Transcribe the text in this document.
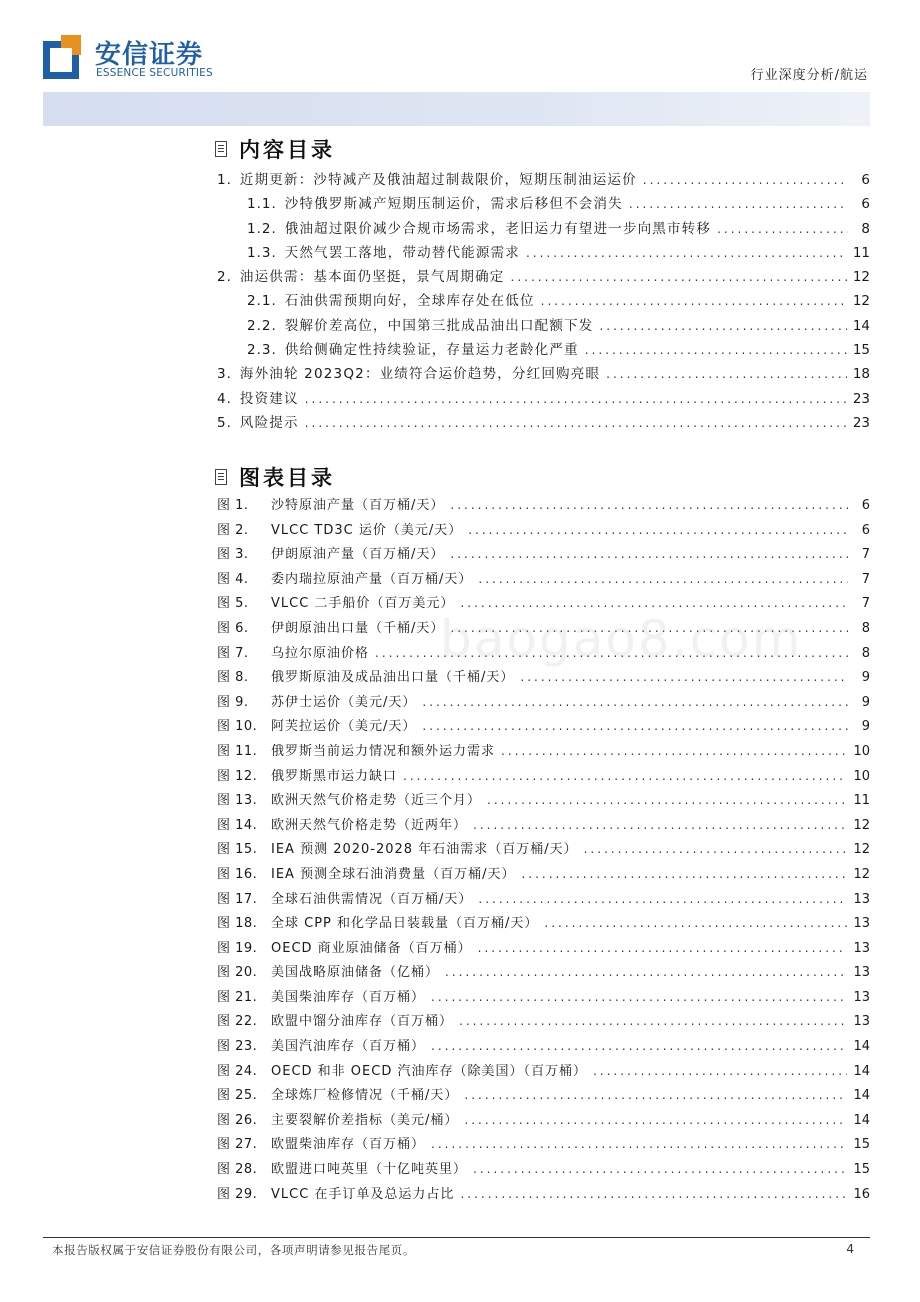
安信证券
ESSENCE SECURITIES	行业深度分析/航运
内容目录
1. 近期更新：沙特减产及俄油超过制裁限价，短期压制油运运价 .....	6
1.1. 沙特俄罗斯减产短期压制运价，需求后移但不会消失 .....	6
1.2. 俄油超过限价减少合规市场需求，老旧运力有望进一步向黑市转移 .....	8
1.3. 天然气罢工落地，带动替代能源需求 .....	11
2. 油运供需：基本面仍坚挺，景气周期确定 .....	12
2.1. 石油供需预期向好，全球库存处在低位 .....	12
2.2. 裂解价差高位，中国第三批成品油出口配额下发 .....	14
2.3. 供给侧确定性持续验证，存量运力老龄化严重 .....	15
3. 海外油轮 2023Q2：业绩符合运价趋势，分红回购亮眼 .....	18
4. 投资建议 .....	23
5. 风险提示 .....	23
图表目录
图 1.	沙特原油产量（百万桶/天） .....	6
图 2.	VLCC TD3C 运价（美元/天） .....	6
图 3.	伊朗原油产量（百万桶/天） .....	7
图 4.	委内瑞拉原油产量（百万桶/天） .....	7
图 5.	VLCC 二手船价（百万美元） .....	7
图 6.	伊朗原油出口量（千桶/天） .....	8
图 7.	乌拉尔原油价格 .....	8
图 8.	俄罗斯原油及成品油出口量（千桶/天） .....	9
图 9.	苏伊士运价（美元/天） .....	9
图 10.	阿芙拉运价（美元/天） .....	9
图 11.	俄罗斯当前运力情况和额外运力需求 .....	10
图 12.	俄罗斯黑市运力缺口 .....	10
图 13.	欧洲天然气价格走势（近三个月） .....	11
图 14.	欧洲天然气价格走势（近两年） .....	12
图 15.	IEA 预测 2020-2028 年石油需求（百万桶/天） .....	12
图 16.	IEA 预测全球石油消费量（百万桶/天） .....	12
图 17.	全球石油供需情况（百万桶/天） .....	13
图 18.	全球 CPP 和化学品日装载量（百万桶/天） .....	13
图 19.	OECD 商业原油储备（百万桶） .....	13
图 20.	美国战略原油储备（亿桶） .....	13
图 21.	美国柴油库存（百万桶） .....	13
图 22.	欧盟中馏分油库存（百万桶） .....	13
图 23.	美国汽油库存（百万桶） .....	14
图 24.	OECD 和非 OECD 汽油库存（除美国）（百万桶） .....	14
图 25.	全球炼厂检修情况（千桶/天） .....	14
图 26.	主要裂解价差指标（美元/桶） .....	14
图 27.	欧盟柴油库存（百万桶） .....	15
图 28.	欧盟进口吨英里（十亿吨英里） .....	15
图 29.	VLCC 在手订单及总运力占比 .....	16
baogao8.com
本报告版权属于安信证券股份有限公司，各项声明请参见报告尾页。	4
